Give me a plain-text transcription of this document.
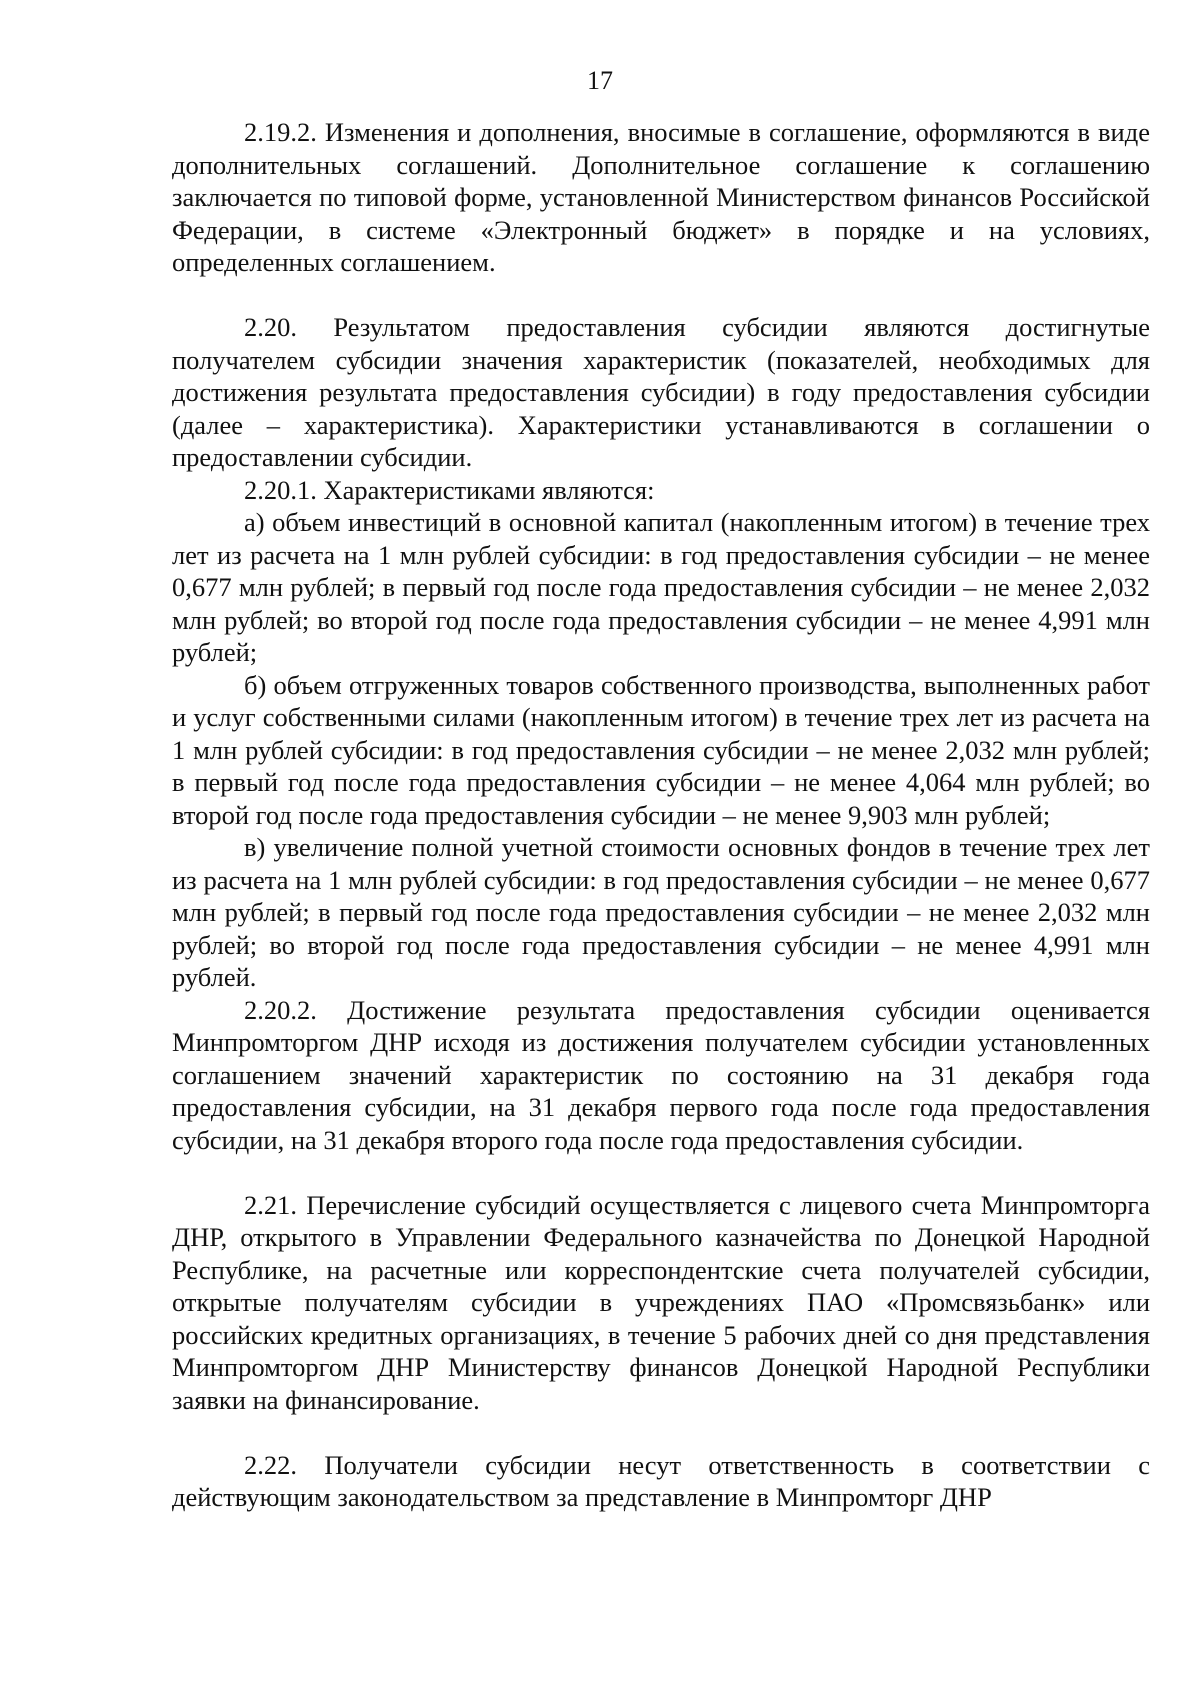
17

2.19.2. Изменения и дополнения, вносимые в соглашение, оформляются в виде дополнительных соглашений. Дополнительное соглашение к соглашению заключается по типовой форме, установленной Министерством финансов Российской Федерации, в системе «Электронный бюджет» в порядке и на условиях, определенных соглашением.

2.20. Результатом предоставления субсидии являются достигнутые получателем субсидии значения характеристик (показателей, необходимых для достижения результата предоставления субсидии) в году предоставления субсидии (далее – характеристика). Характеристики устанавливаются в соглашении о предоставлении субсидии.

2.20.1. Характеристиками являются:

а) объем инвестиций в основной капитал (накопленным итогом) в течение трех лет из расчета на 1 млн рублей субсидии: в год предоставления субсидии – не менее 0,677 млн рублей; в первый год после года предоставления субсидии – не менее 2,032 млн рублей; во второй год после года предоставления субсидии – не менее 4,991 млн рублей;

б) объем отгруженных товаров собственного производства, выполненных работ и услуг собственными силами (накопленным итогом) в течение трех лет из расчета на 1 млн рублей субсидии: в год предоставления субсидии – не менее 2,032 млн рублей; в первый год после года предоставления субсидии – не менее 4,064 млн рублей; во второй год после года предоставления субсидии – не менее 9,903 млн рублей;

в) увеличение полной учетной стоимости основных фондов в течение трех лет из расчета на 1 млн рублей субсидии: в год предоставления субсидии – не менее 0,677 млн рублей; в первый год после года предоставления субсидии – не менее 2,032 млн рублей; во второй год после года предоставления субсидии – не менее 4,991 млн рублей.

2.20.2. Достижение результата предоставления субсидии оценивается Минпромторгом ДНР исходя из достижения получателем субсидии установленных соглашением значений характеристик по состоянию на 31 декабря года предоставления субсидии, на 31 декабря первого года после года предоставления субсидии, на 31 декабря второго года после года предоставления субсидии.

2.21. Перечисление субсидий осуществляется с лицевого счета Минпромторга ДНР, открытого в Управлении Федерального казначейства по Донецкой Народной Республике, на расчетные или корреспондентские счета получателей субсидии, открытые получателям субсидии в учреждениях ПАО «Промсвязьбанк» или российских кредитных организациях, в течение 5 рабочих дней со дня представления Минпромторгом ДНР Министерству финансов Донецкой Народной Республики заявки на финансирование.

2.22. Получатели субсидии несут ответственность в соответствии с действующим законодательством за представление в Минпромторг ДНР
